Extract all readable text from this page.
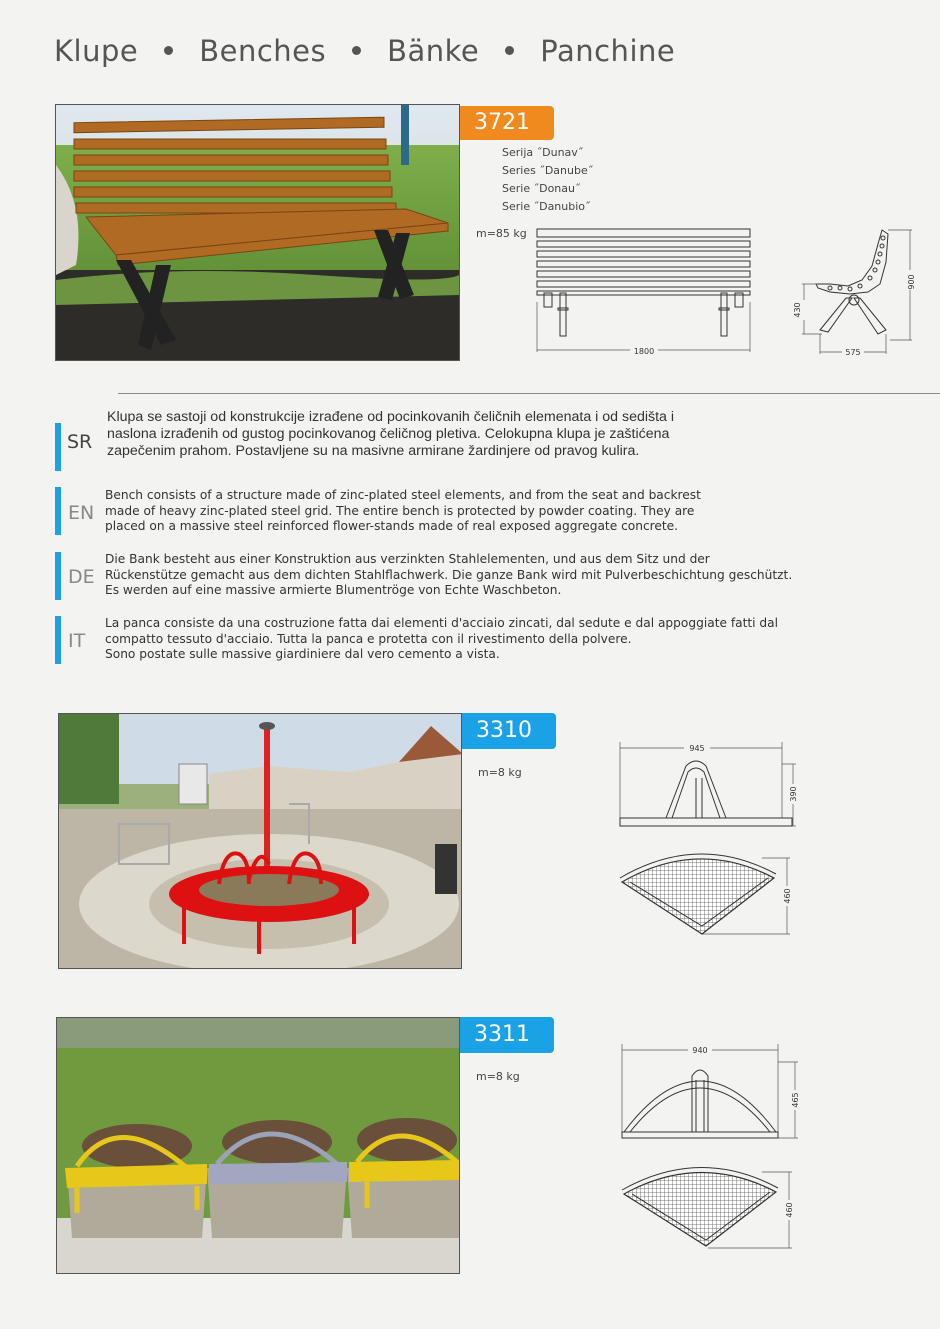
Klupe Benches Bänke Panchine
3721
Serija ˝Dunav˝
Series ˝Danube˝
Serie ˝Donau˝
Serie ˝Danubio˝
m=85 kg
1800
900
430
575
SR
Klupa se sastoji od konstrukcije izrađene od pocinkovanih čeličnih elemenata i od sedišta i
naslona izrađenih od gustog pocinkovanog čeličnog pletiva. Celokupna klupa je zaštićena
zapečenim prahom. Postavljene su na masivne armirane žardinjere od pravog kulira.
EN
Bench consists of a structure made of zinc-plated steel elements, and from the seat and backrest
made of heavy zinc-plated steel grid. The entire bench is protected by powder coating. They are
placed on a massive steel reinforced flower-stands made of real exposed aggregate concrete.
DE
Die Bank besteht aus einer Konstruktion aus verzinkten Stahlelementen, und aus dem Sitz und der
Rückenstütze gemacht aus dem dichten Stahlflachwerk. Die ganze Bank wird mit Pulverbeschichtung geschützt.
Es werden auf eine massive armierte Blumentröge von Echte Waschbeton.
IT
La panca consiste da una costruzione fatta dai elementi d'acciaio zincati, dal sedute e dal appoggiate fatti dal
compatto tessuto d'acciaio. Tutta la panca e protetta con il rivestimento della polvere.
Sono postate sulle massive giardiniere dal vero cemento a vista.
3310
m=8 kg
945
390
460
3311
m=8 kg
940
465
460
